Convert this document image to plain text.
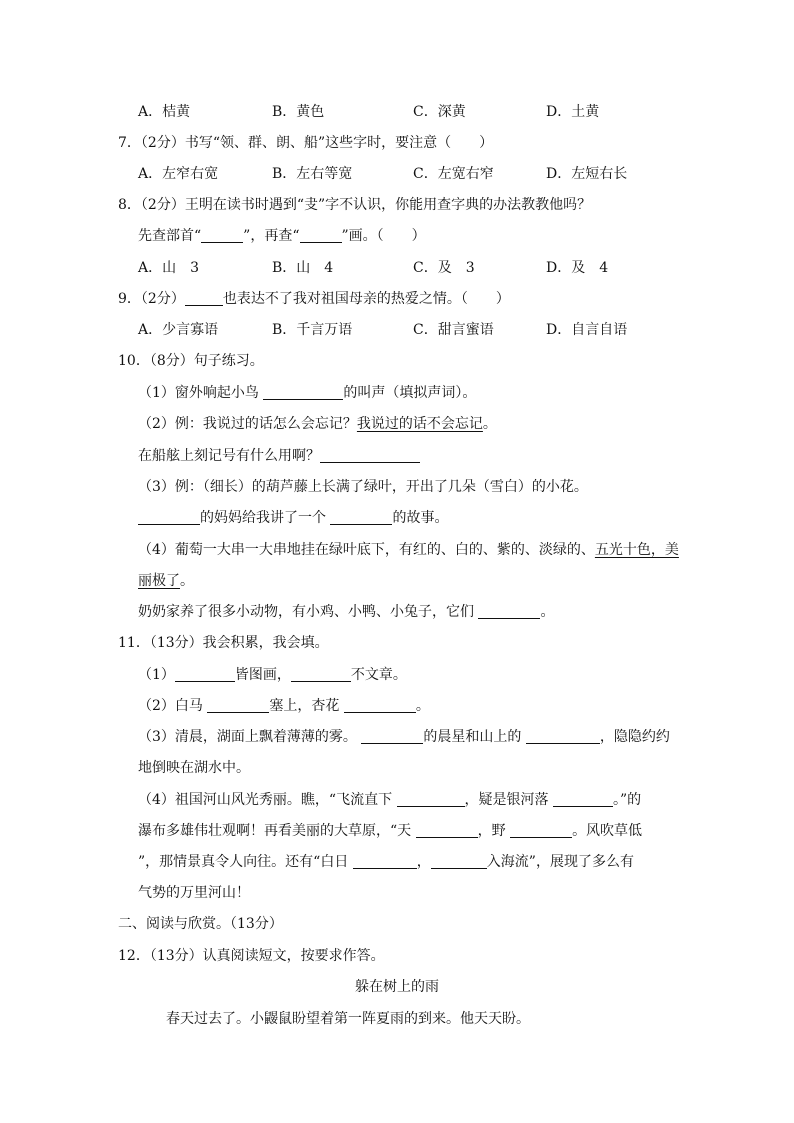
A．桔黄	B．黄色	C．深黄	D．土黄
7．（2分）书写“领、群、朗、船”这些字时，要注意（　　）
A．左窄右宽	B．左右等宽	C．左宽右窄	D．左短右长
8．（2分）王明在读书时遇到“叏”字不认识，你能用查字典的办法教教他吗？
先查部首“	”，再查“	”画。（　　）
A．山　3	B．山　4	C．及　3	D．及　4
9．（2分）	也表达不了我对祖国母亲的热爱之情。（　　）
A．少言寡语	B．千言万语	C．甜言蜜语	D．自言自语
10．（8分）句子练习。
（1）窗外响起小鸟	的叫声（填拟声词）。
（2）例：我说过的话怎么会忘记？我说过的话不会忘记。
在船舷上刻记号有什么用啊？
（3）例：（细长）的葫芦藤上长满了绿叶，开出了几朵（雪白）的小花。
的妈妈给我讲了一个	的故事。
（4）葡萄一大串一大串地挂在绿叶底下，有红的、白的、紫的、淡绿的、五光十色，美
丽极了。
奶奶家养了很多小动物，有小鸡、小鸭、小兔子，它们	。
11．（13分）我会积累，我会填。
（1）	皆图画，	不文章。
（2）白马	塞上，杏花	。
（3）清晨，湖面上飘着薄薄的雾。	的晨星和山上的	，隐隐约约
地倒映在湖水中。
（4）祖国河山风光秀丽。瞧，“飞流直下	，疑是银河落	。”的
瀑布多雄伟壮观啊！再看美丽的大草原，“天	，野	。风吹草低
”，那情景真令人向往。还有“白日	，	入海流”，展现了多么有
气势的万里河山！
二、阅读与欣赏。（13分）
12．（13分）认真阅读短文，按要求作答。
躲在树上的雨
春天过去了。小鼹鼠盼望着第一阵夏雨的到来。他天天盼。
